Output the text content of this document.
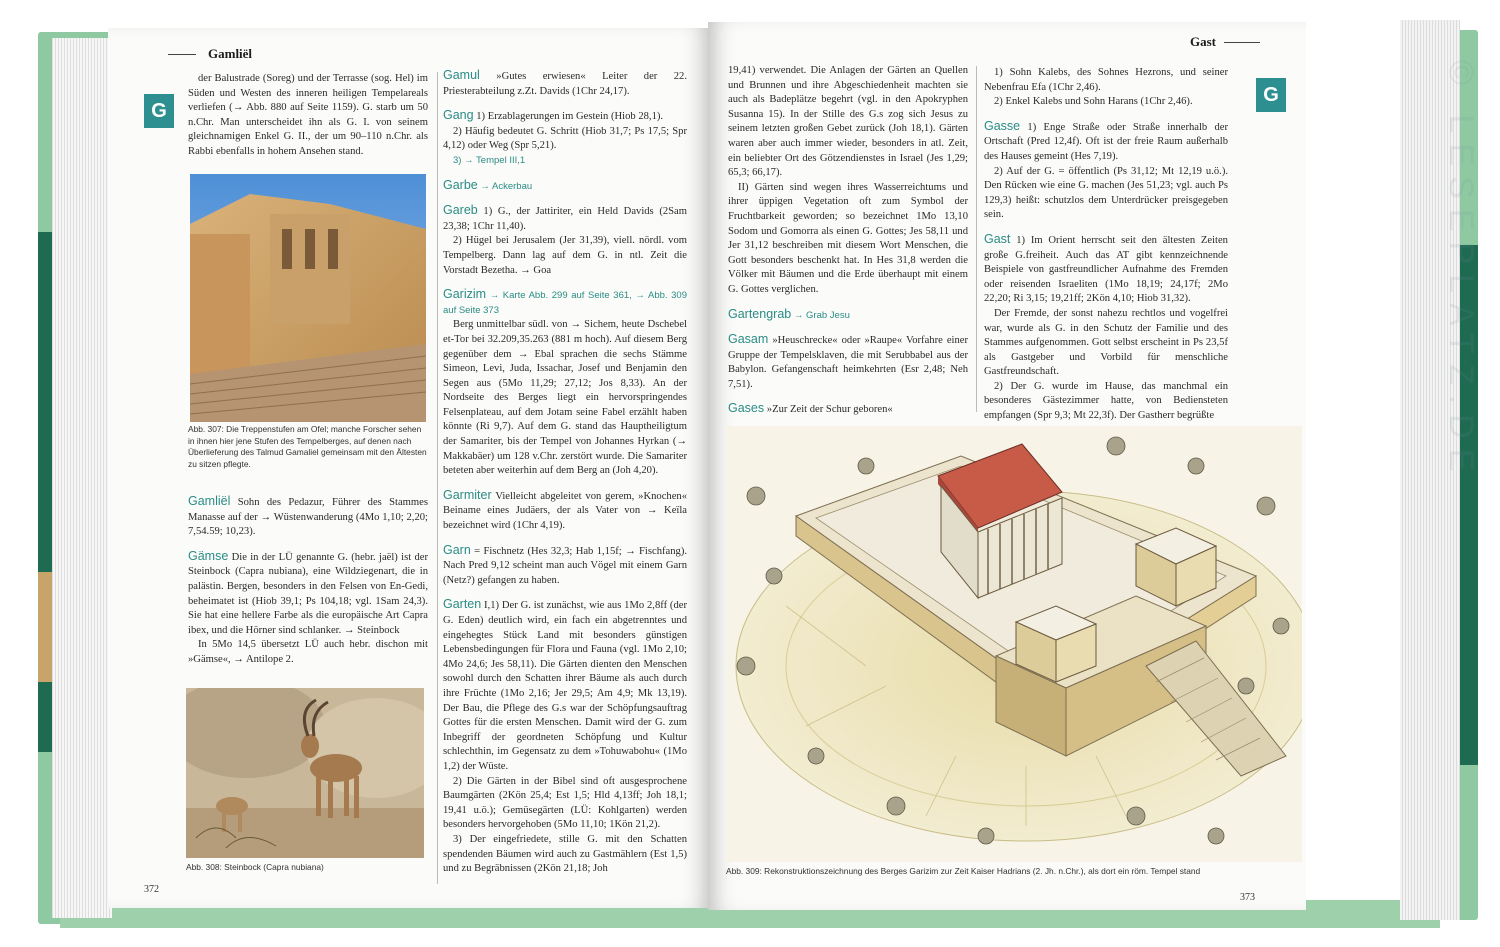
Gamliël
G

der Balustrade (Soreg) und der Terrasse (sog. Hel) im Süden und Westen des inneren heiligen Tempelareals verliefen (→ Abb. 880 auf Seite 1159). G. starb um 50 n.Chr. Man unterscheidet ihn als G. I. von seinem gleichnamigen Enkel G. II., der um 90–110 n.Chr. als Rabbi ebenfalls in hohem Ansehen stand.

Abb. 307: Die Treppenstufen am Ofel; manche Forscher sehen in ihnen hier jene Stufen des Tempelberges, auf denen nach Überlieferung des Talmud Gamaliel gemeinsam mit den Ältesten zu sitzen pflegte.

Gamliël Sohn des Pedazur, Führer des Stammes Manasse auf der → Wüstenwanderung (4Mo 1,10; 2,20; 7,54.59; 10,23).

Gämse Die in der LÜ genannte G. (hebr. jaël) ist der Steinbock (Capra nubiana), eine Wildziegenart, die in palästin. Bergen, besonders in den Felsen von En-Gedi, beheimatet ist (Hiob 39,1; Ps 104,18; vgl. 1Sam 24,3). Sie hat eine hellere Farbe als die europäische Art Capra ibex, und die Hörner sind schlanker. → Steinbock

In 5Mo 14,5 übersetzt LÜ auch hebr. dischon mit »Gämse«, → Antilope 2.

Abb. 308: Steinbock (Capra nubiana)

Gamul »Gutes erwiesen« Leiter der 22. Priesterabteilung z.Zt. Davids (1Chr 24,17).

Gang 1) Erzablagerungen im Gestein (Hiob 28,1).

2) Häufig bedeutet G. Schritt (Hiob 31,7; Ps 17,5; Spr 4,12) oder Weg (Spr 5,21).

3) → Tempel III,1

Garbe → Ackerbau

Gareb 1) G., der Jattiriter, ein Held Davids (2Sam 23,38; 1Chr 11,40).

2) Hügel bei Jerusalem (Jer 31,39), viell. nördl. vom Tempelberg. Dann lag auf dem G. in ntl. Zeit die Vorstadt Bezetha. → Goa

Garizim → Karte Abb. 299 auf Seite 361, → Abb. 309 auf Seite 373

Berg unmittelbar südl. von → Sichem, heute Dschebel et-Tor bei 32.209,35.263 (881 m hoch). Auf diesem Berg gegenüber dem → Ebal sprachen die sechs Stämme Simeon, Levi, Juda, Issachar, Josef und Benjamin den Segen aus (5Mo 11,29; 27,12; Jos 8,33). An der Nordseite des Berges liegt ein hervorspringendes Felsenplateau, auf dem Jotam seine Fabel erzählt haben könnte (Ri 9,7). Auf dem G. stand das Hauptheiligtum der Samariter, bis der Tempel von Johannes Hyrkan (→ Makkabäer) um 128 v.Chr. zerstört wurde. Die Samariter beteten aber weiterhin auf dem Berg an (Joh 4,20).

Garmiter Vielleicht abgeleitet von gerem, »Knochen« Beiname eines Judäers, der als Vater von → Keïla bezeichnet wird (1Chr 4,19).

Garn = Fischnetz (Hes 32,3; Hab 1,15f; → Fischfang). Nach Pred 9,12 scheint man auch Vögel mit einem Garn (Netz?) gefangen zu haben.

Garten I,1) Der G. ist zunächst, wie aus 1Mo 2,8ff (der G. Eden) deutlich wird, ein fach ein abgetrenntes und eingehegtes Stück Land mit besonders günstigen Lebensbedingungen für Flora und Fauna (vgl. 1Mo 2,10; 4Mo 24,6; Jes 58,11). Die Gärten dienten den Menschen sowohl durch den Schatten ihrer Bäume als auch durch ihre Früchte (1Mo 2,16; Jer 29,5; Am 4,9; Mk 13,19). Der Bau, die Pflege des G.s war der Schöpfungsauftrag Gottes für die ersten Menschen. Damit wird der G. zum Inbegriff der geordneten Schöpfung und Kultur schlechthin, im Gegensatz zu dem »Tohuwabohu« (1Mo 1,2) der Wüste.

2) Die Gärten in der Bibel sind oft ausgesprochene Baumgärten (2Kön 25,4; Est 1,5; Hld 4,13ff; Joh 18,1; 19,41 u.ö.); Gemüsegärten (LÜ: Kohlgarten) werden besonders hervorgehoben (5Mo 11,10; 1Kön 21,2).

3) Der eingefriedete, stille G. mit den Schatten spendenden Bäumen wird auch zu Gastmählern (Est 1,5) und zu Begräbnissen (2Kön 21,18; Joh

372
Gast
G

19,41) verwendet. Die Anlagen der Gärten an Quellen und Brunnen und ihre Abgeschiedenheit machten sie auch als Badeplätze begehrt (vgl. in den Apokryphen Susanna 15). In der Stille des G.s zog sich Jesus zu seinem letzten großen Gebet zurück (Joh 18,1). Gärten waren aber auch immer wieder, besonders in atl. Zeit, ein beliebter Ort des Götzendienstes in Israel (Jes 1,29; 65,3; 66,17).

II) Gärten sind wegen ihres Wasserreichtums und ihrer üppigen Vegetation oft zum Symbol der Fruchtbarkeit geworden; so bezeichnet 1Mo 13,10 Sodom und Gomorra als einen G. Gottes; Jes 58,11 und Jer 31,12 beschreiben mit diesem Wort Menschen, die Gott besonders beschenkt hat. In Hes 31,8 werden die Völker mit Bäumen und die Erde überhaupt mit einem G. Gottes verglichen.

Gartengrab → Grab Jesu

Gasam »Heuschrecke« oder »Raupe« Vorfahre einer Gruppe der Tempelsklaven, die mit Serubbabel aus der Babylon. Gefangenschaft heimkehrten (Esr 2,48; Neh 7,51).

Gases »Zur Zeit der Schur geboren«

1) Sohn Kalebs, des Sohnes Hezrons, und seiner Nebenfrau Efa (1Chr 2,46).

2) Enkel Kalebs und Sohn Harans (1Chr 2,46).

Gasse 1) Enge Straße oder Straße innerhalb der Ortschaft (Pred 12,4f). Oft ist der freie Raum außerhalb des Hauses gemeint (Hes 7,19).

2) Auf der G. = öffentlich (Ps 31,12; Mt 12,19 u.ö.). Den Rücken wie eine G. machen (Jes 51,23; vgl. auch Ps 129,3) heißt: schutzlos dem Unterdrücker preisgegeben sein.

Gast 1) Im Orient herrscht seit den ältesten Zeiten große G.freiheit. Auch das AT gibt kennzeichnende Beispiele von gastfreundlicher Aufnahme des Fremden oder reisenden Israeliten (1Mo 18,19; 24,17f; 2Mo 22,20; Ri 3,15; 19,21ff; 2Kön 4,10; Hiob 31,32).

Der Fremde, der sonst nahezu rechtlos und vogelfrei war, wurde als G. in den Schutz der Familie und des Stammes aufgenommen. Gott selbst erscheint in Ps 23,5f als Gastgeber und Vorbild für menschliche Gastfreundschaft.

2) Der G. wurde im Hause, das manchmal ein besonderes Gästezimmer hatte, von Bediensteten empfangen (Spr 9,3; Mt 22,3f). Der Gastherr begrüßte

Abb. 309: Rekonstruktionszeichnung des Berges Garizim zur Zeit Kaiser Hadrians (2. Jh. n.Chr.), als dort ein röm. Tempel stand
373
© LESEPLATZ.DE
